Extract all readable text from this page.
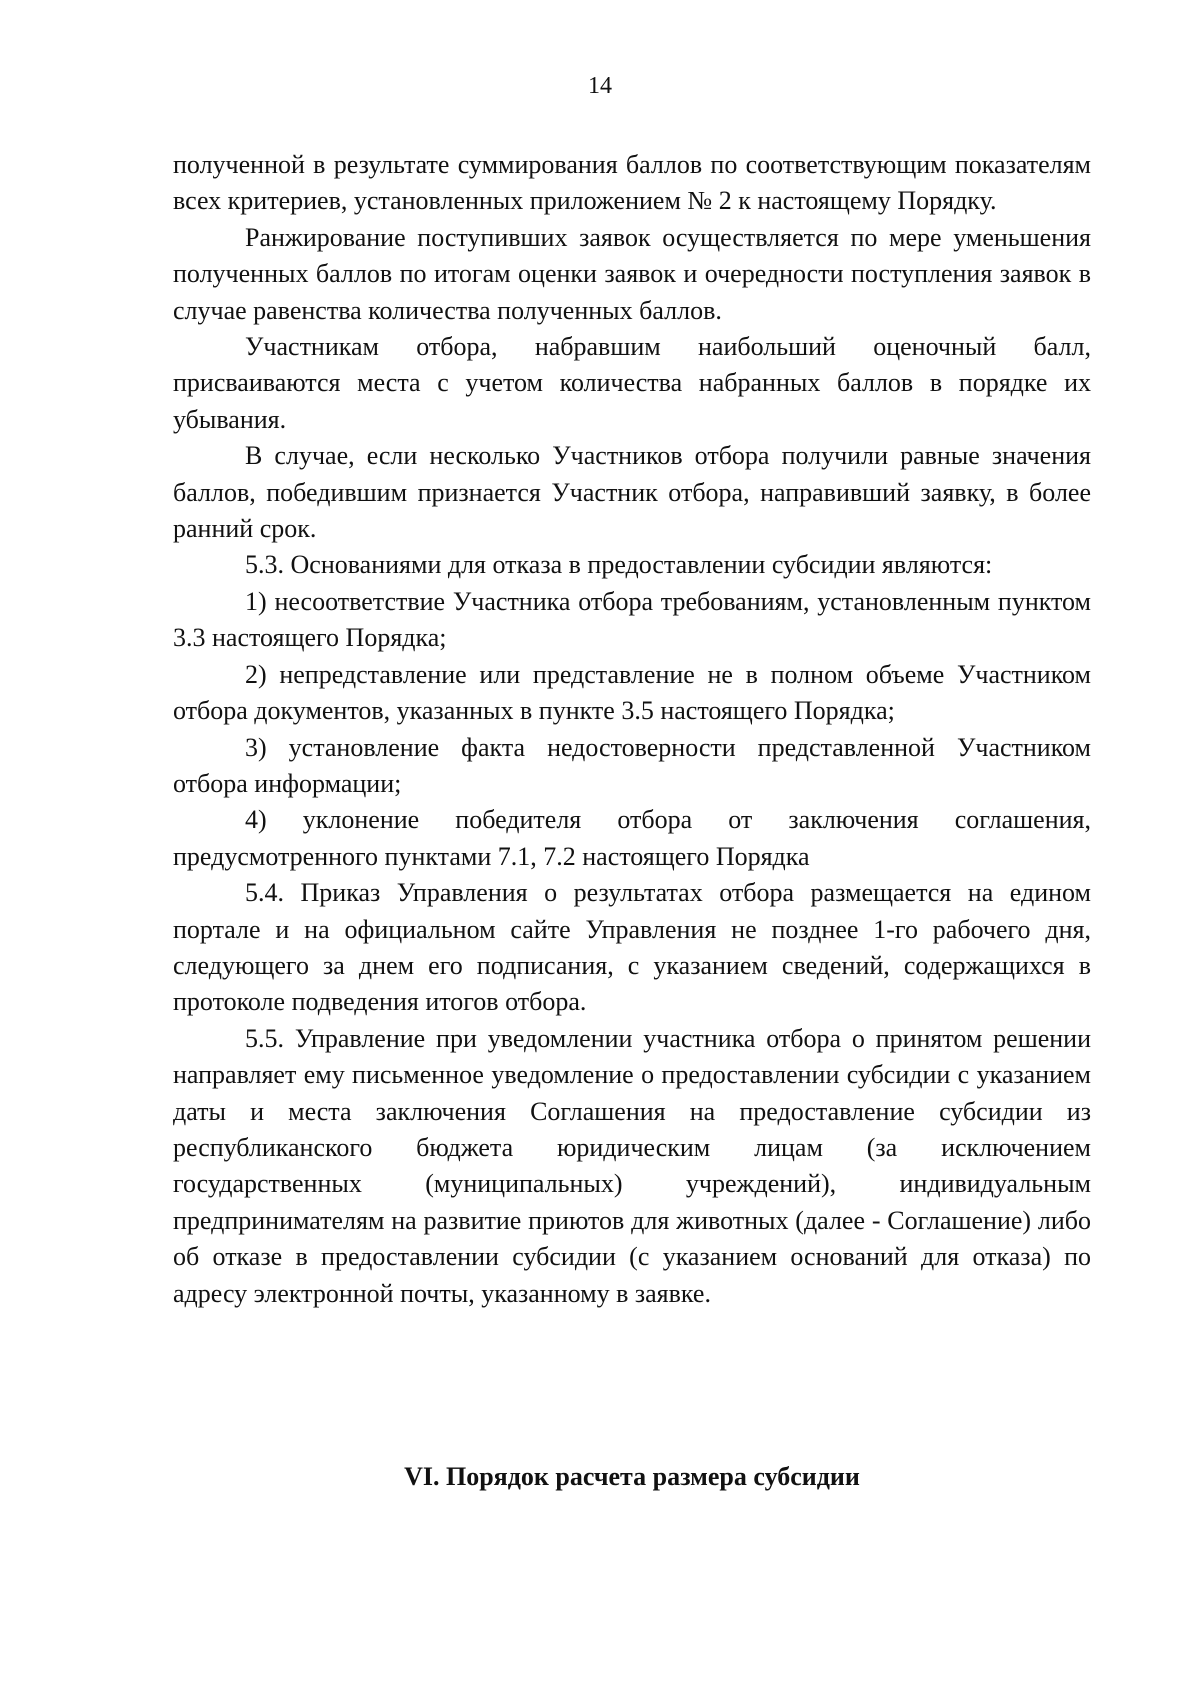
14

полученной в результате суммирования баллов по соответствующим показателям всех критериев, установленных приложением № 2 к настоящему Порядку.

Ранжирование поступивших заявок осуществляется по мере уменьшения полученных баллов по итогам оценки заявок и очередности поступления заявок в случае равенства количества полученных баллов.

Участникам отбора, набравшим наибольший оценочный балл, присваиваются места с учетом количества набранных баллов в порядке их убывания.

В случае, если несколько Участников отбора получили равные значения баллов, победившим признается Участник отбора, направивший заявку, в более ранний срок.

5.3. Основаниями для отказа в предоставлении субсидии являются:

1) несоответствие Участника отбора требованиям, установленным пунктом 3.3 настоящего Порядка;

2) непредставление или представление не в полном объеме Участником отбора документов, указанных в пункте 3.5 настоящего Порядка;

3) установление факта недостоверности представленной Участником отбора информации;

4) уклонение победителя отбора от заключения соглашения, предусмотренного пунктами 7.1, 7.2 настоящего Порядка

5.4. Приказ Управления о результатах отбора размещается на едином портале и на официальном сайте Управления не позднее 1-го рабочего дня, следующего за днем его подписания, с указанием сведений, содержащихся в протоколе подведения итогов отбора.

5.5. Управление при уведомлении участника отбора о принятом решении направляет ему письменное уведомление о предоставлении субсидии с указанием даты и места заключения Соглашения на предоставление субсидии из республиканского бюджета юридическим лицам (за исключением государственных (муниципальных) учреждений), индивидуальным предпринимателям на развитие приютов для животных (далее - Соглашение) либо об отказе в предоставлении субсидии (с указанием оснований для отказа) по адресу электронной почты, указанному в заявке.

VI. Порядок расчета размера субсидии
